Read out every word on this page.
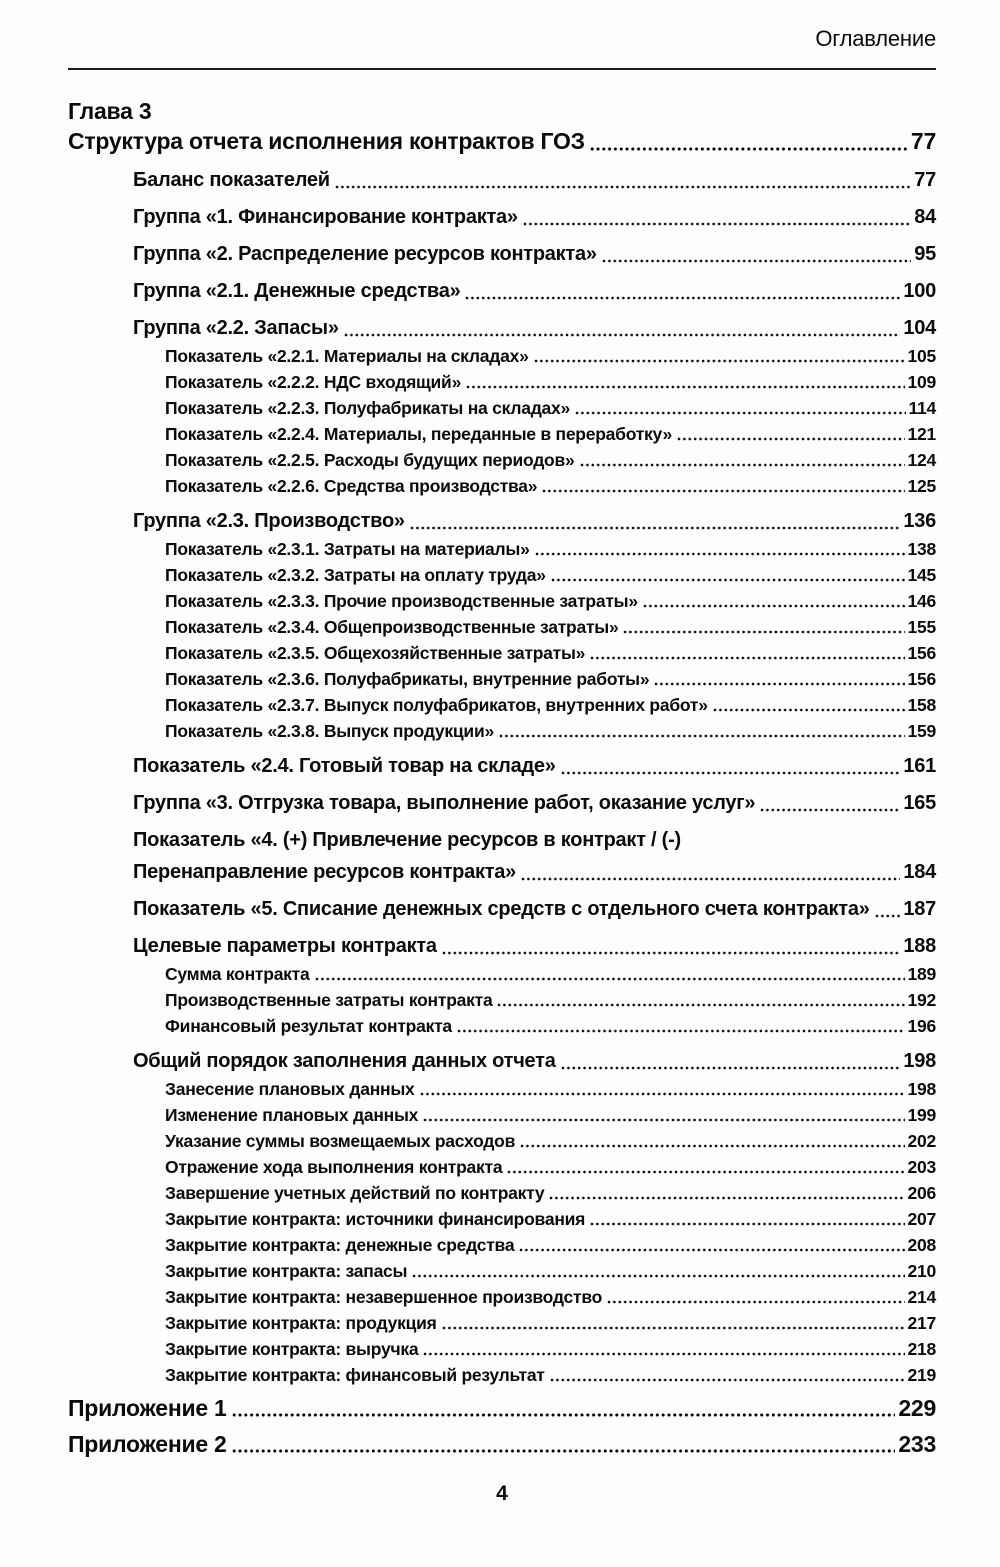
Оглавление
Глава 3
Структура отчета исполнения контрактов ГОЗ	77
Баланс показателей	77
Группа «1. Финансирование контракта»	84
Группа «2. Распределение ресурсов контракта»	95
Группа «2.1. Денежные средства»	100
Группа «2.2. Запасы»	104
Показатель «2.2.1. Материалы на складах»	105
Показатель «2.2.2. НДС входящий»	109
Показатель «2.2.3. Полуфабрикаты на складах»	114
Показатель «2.2.4. Материалы, переданные в переработку»	121
Показатель «2.2.5. Расходы будущих периодов»	124
Показатель «2.2.6. Средства производства»	125
Группа «2.3. Производство»	136
Показатель «2.3.1. Затраты на материалы»	138
Показатель «2.3.2. Затраты на оплату труда»	145
Показатель «2.3.3. Прочие производственные затраты»	146
Показатель «2.3.4. Общепроизводственные затраты»	155
Показатель «2.3.5. Общехозяйственные затраты»	156
Показатель «2.3.6. Полуфабрикаты, внутренние работы»	156
Показатель «2.3.7. Выпуск полуфабрикатов, внутренних работ»	158
Показатель «2.3.8. Выпуск продукции»	159
Показатель «2.4. Готовый товар на складе»	161
Группа «3. Отгрузка товара, выполнение работ, оказание услуг»	165
Показатель «4. (+) Привлечение ресурсов в контракт / (-)
Перенаправление ресурсов контракта»	184
Показатель «5. Списание денежных средств с отдельного счета контракта» 187
Целевые параметры контракта	188
Сумма контракта	189
Производственные затраты контракта	192
Финансовый результат контракта	196
Общий порядок заполнения данных отчета	198
Занесение плановых данных	198
Изменение плановых данных	199
Указание суммы возмещаемых расходов	202
Отражение хода выполнения контракта	203
Завершение учетных действий по контракту	206
Закрытие контракта: источники финансирования	207
Закрытие контракта: денежные средства	208
Закрытие контракта: запасы	210
Закрытие контракта: незавершенное производство	214
Закрытие контракта: продукция	217
Закрытие контракта: выручка	218
Закрытие контракта: финансовый результат	219
Приложение 1	229
Приложение 2	233
4
